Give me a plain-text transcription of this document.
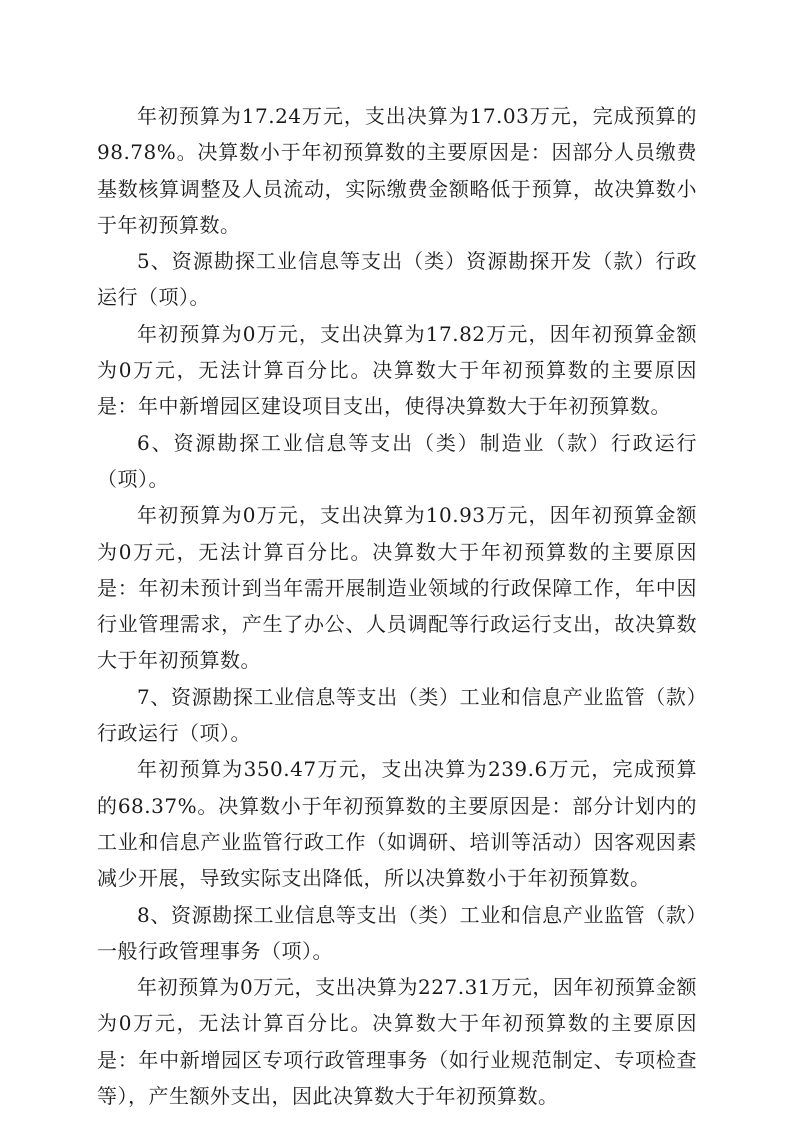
年初预算为17.24万元，支出决算为17.03万元，完成预算的98.78%。决算数小于年初预算数的主要原因是：因部分人员缴费基数核算调整及人员流动，实际缴费金额略低于预算，故决算数小于年初预算数。

5、资源勘探工业信息等支出（类）资源勘探开发（款）行政运行（项）。

年初预算为0万元，支出决算为17.82万元，因年初预算金额为0万元，无法计算百分比。决算数大于年初预算数的主要原因是：年中新增园区建设项目支出，使得决算数大于年初预算数。

6、资源勘探工业信息等支出（类）制造业（款）行政运行（项）。

年初预算为0万元，支出决算为10.93万元，因年初预算金额为0万元，无法计算百分比。决算数大于年初预算数的主要原因是：年初未预计到当年需开展制造业领域的行政保障工作，年中因行业管理需求，产生了办公、人员调配等行政运行支出，故决算数大于年初预算数。

7、资源勘探工业信息等支出（类）工业和信息产业监管（款）行政运行（项）。

年初预算为350.47万元，支出决算为239.6万元，完成预算的68.37%。决算数小于年初预算数的主要原因是：部分计划内的工业和信息产业监管行政工作（如调研、培训等活动）因客观因素减少开展，导致实际支出降低，所以决算数小于年初预算数。

8、资源勘探工业信息等支出（类）工业和信息产业监管（款）一般行政管理事务（项）。

年初预算为0万元，支出决算为227.31万元，因年初预算金额为0万元，无法计算百分比。决算数大于年初预算数的主要原因是：年中新增园区专项行政管理事务（如行业规范制定、专项检查等），产生额外支出，因此决算数大于年初预算数。
